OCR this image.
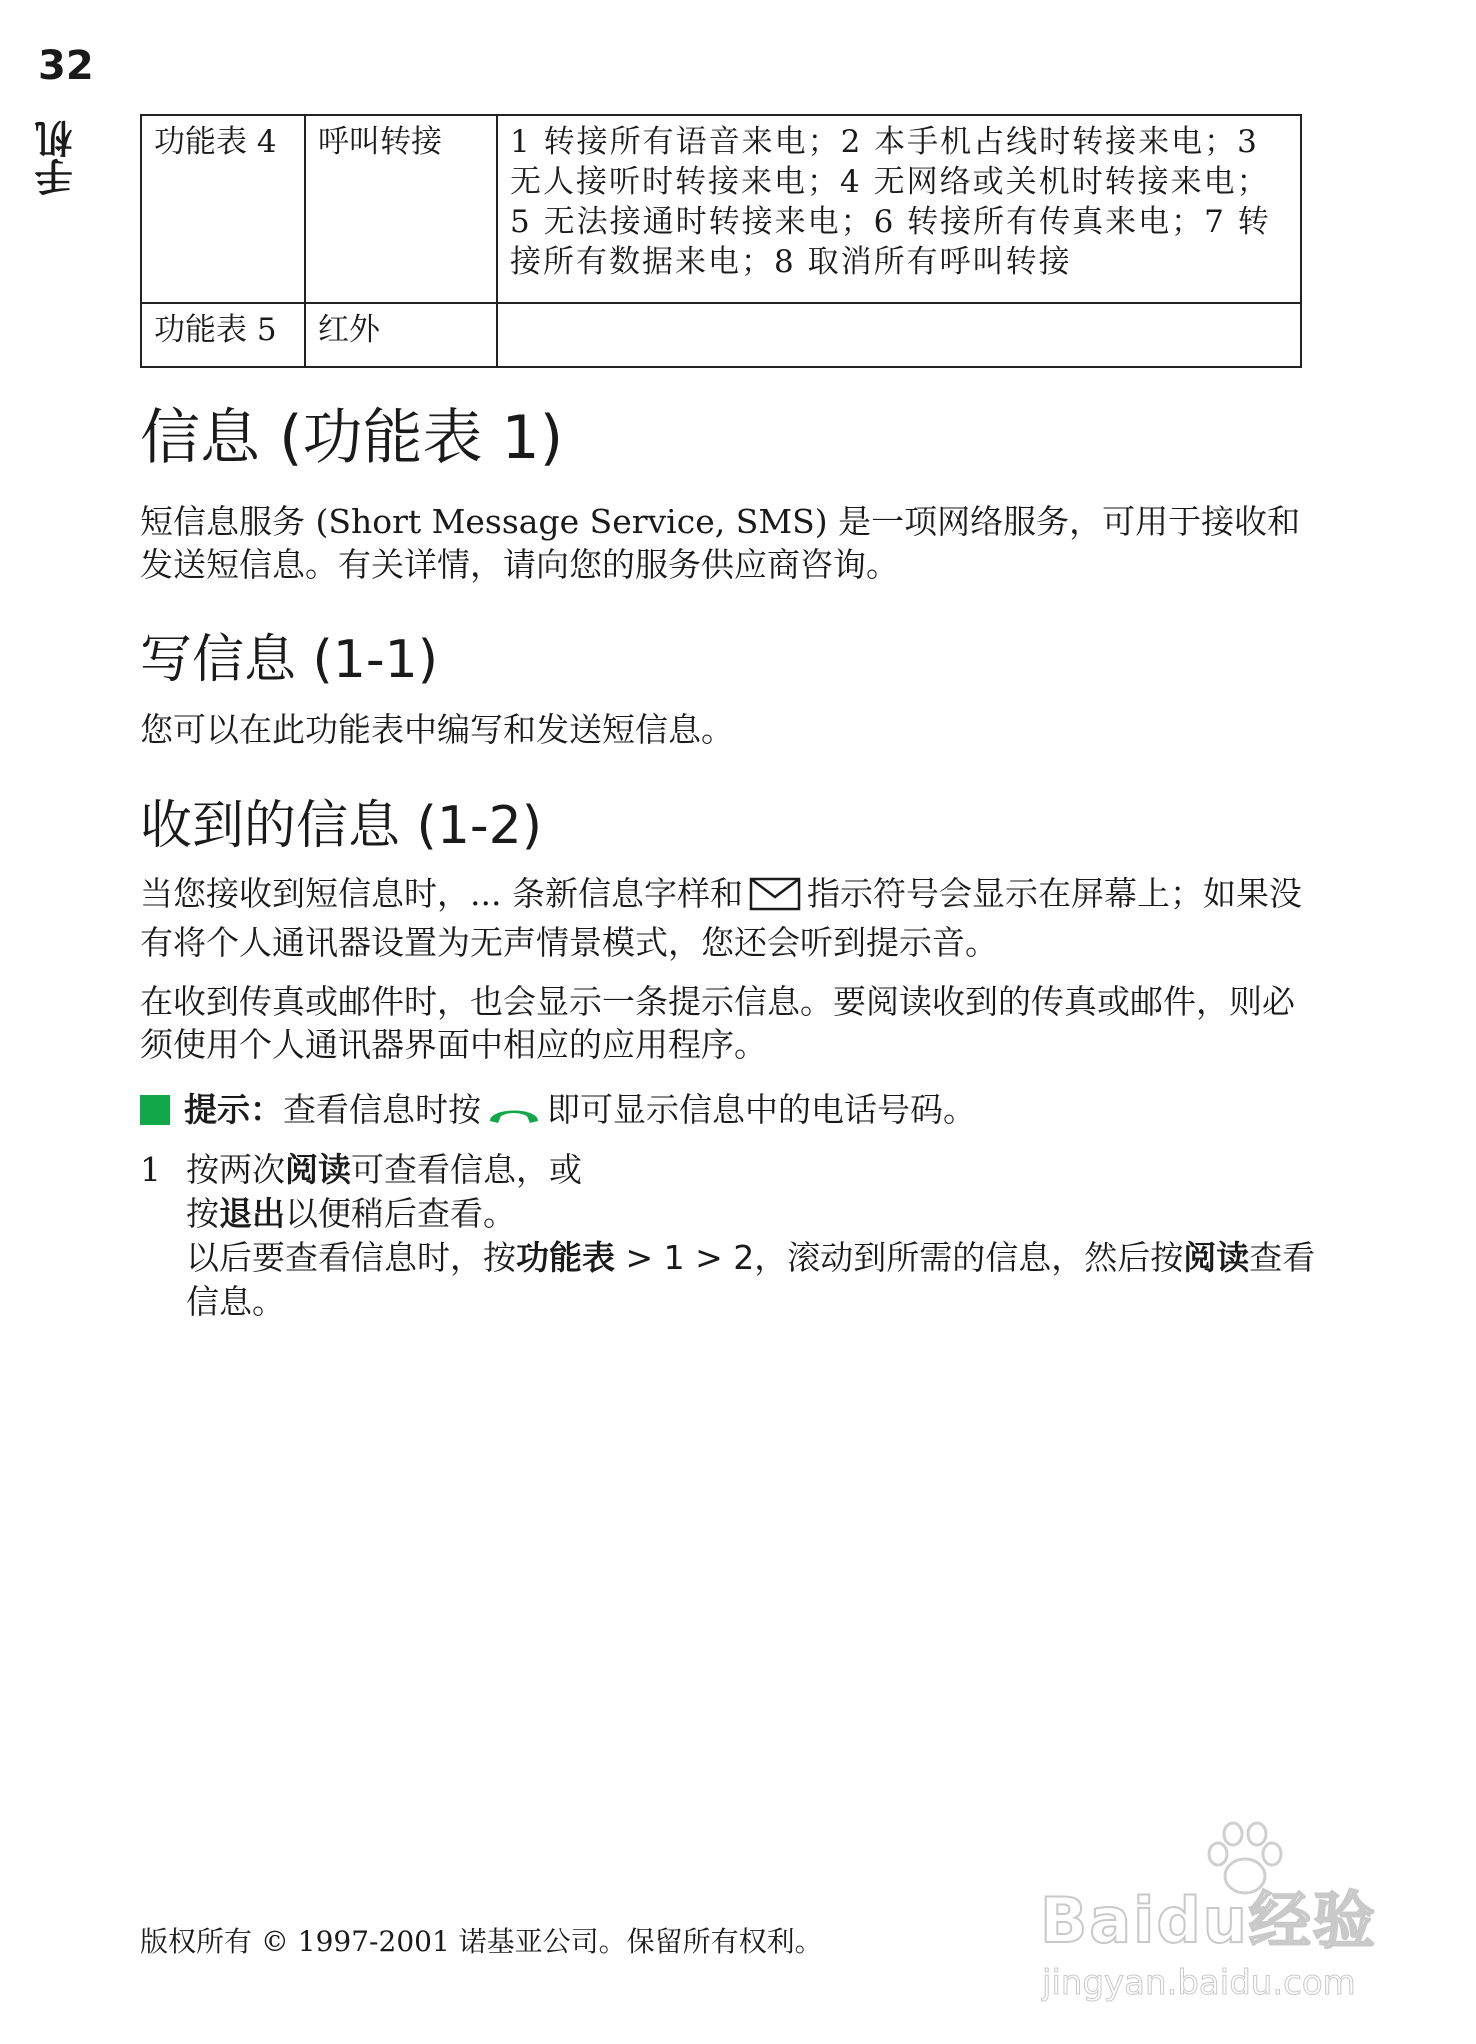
32
手机 功能表 4	呼叫转接	1 转接所有语音来电；2 本手机占线时转接来电；3 无人接听时转接来电；4 无网络或关机时转接来电；5 无法接通时转接来电；6 转接所有传真来电；7 转接所有数据来电；8 取消所有呼叫转接
功能表 5	红外	
信息 (功能表 1)

短信息服务 (Short Message Service, SMS) 是一项网络服务，可用于接收和发送短信息。有关详情，请向您的服务供应商咨询。

写信息 (1-1)

您可以在此功能表中编写和发送短信息。

收到的信息 (1-2)

当您接收到短信息时，... 条新信息字样和 指示符号会显示在屏幕上；如果没有将个人通讯器设置为无声情景模式，您还会听到提示音。

在收到传真或邮件时，也会显示一条提示信息。要阅读收到的传真或邮件，则必须使用个人通讯器界面中相应的应用程序。

提示：查看信息时按 即可显示信息中的电话号码。
1 按两次阅读可查看信息，或
按退出以便稍后查看。
以后要查看信息时，按功能表 > 1 > 2，滚动到所需的信息，然后按阅读查看信息。
版权所有 © 1997-2001 诺基亚公司。保留所有权利。	Baidu经验
jingyan.baidu.com
